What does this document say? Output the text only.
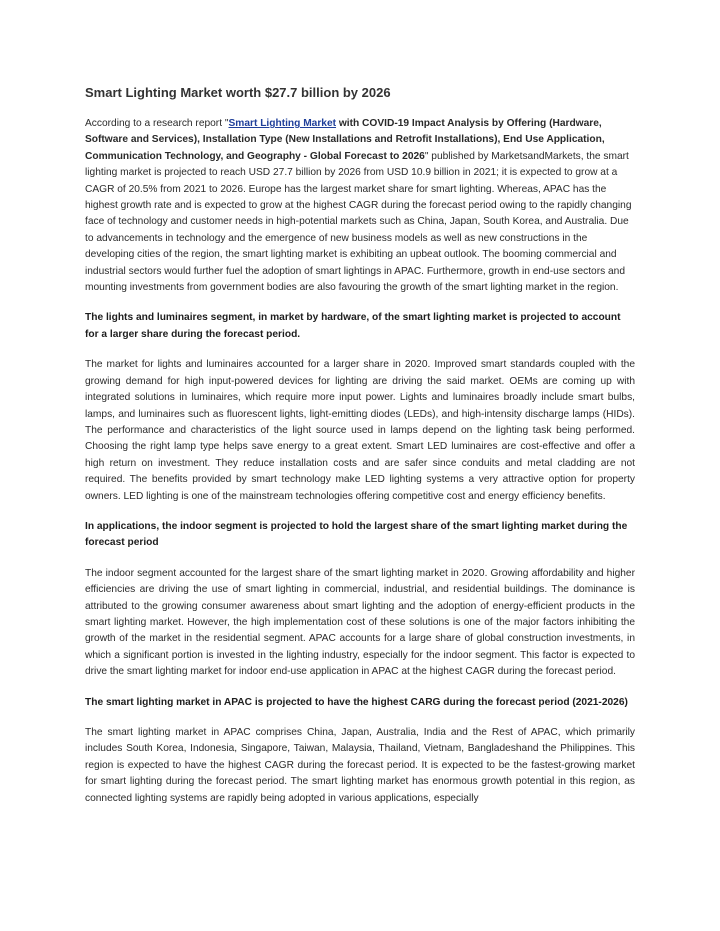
Smart Lighting Market worth $27.7 billion by 2026

According to a research report "Smart Lighting Market with COVID-19 Impact Analysis by Offering (Hardware, Software and Services), Installation Type (New Installations and Retrofit Installations), End Use Application, Communication Technology, and Geography - Global Forecast to 2026" published by MarketsandMarkets, the smart lighting market is projected to reach USD 27.7 billion by 2026 from USD 10.9 billion in 2021; it is expected to grow at a CAGR of 20.5% from 2021 to 2026. Europe has the largest market share for smart lighting. Whereas, APAC has the highest growth rate and is expected to grow at the highest CAGR during the forecast period owing to the rapidly changing face of technology and customer needs in high-potential markets such as China, Japan, South Korea, and Australia. Due to advancements in technology and the emergence of new business models as well as new constructions in the developing cities of the region, the smart lighting market is exhibiting an upbeat outlook. The booming commercial and industrial sectors would further fuel the adoption of smart lightings in APAC. Furthermore, growth in end-use sectors and mounting investments from government bodies are also favouring the growth of the smart lighting market in the region.

The lights and luminaires segment, in market by hardware, of the smart lighting market is projected to account for a larger share during the forecast period.

The market for lights and luminaires accounted for a larger share in 2020. Improved smart standards coupled with the growing demand for high input-powered devices for lighting are driving the said market. OEMs are coming up with integrated solutions in luminaires, which require more input power. Lights and luminaires broadly include smart bulbs, lamps, and luminaires such as fluorescent lights, light-emitting diodes (LEDs), and high-intensity discharge lamps (HIDs). The performance and characteristics of the light source used in lamps depend on the lighting task being performed. Choosing the right lamp type helps save energy to a great extent. Smart LED luminaires are cost-effective and offer a high return on investment. They reduce installation costs and are safer since conduits and metal cladding are not required. The benefits provided by smart technology make LED lighting systems a very attractive option for property owners. LED lighting is one of the mainstream technologies offering competitive cost and energy efficiency benefits.

In applications, the indoor segment is projected to hold the largest share of the smart lighting market during the forecast period

The indoor segment accounted for the largest share of the smart lighting market in 2020. Growing affordability and higher efficiencies are driving the use of smart lighting in commercial, industrial, and residential buildings. The dominance is attributed to the growing consumer awareness about smart lighting and the adoption of energy-efficient products in the smart lighting market. However, the high implementation cost of these solutions is one of the major factors inhibiting the growth of the market in the residential segment. APAC accounts for a large share of global construction investments, in which a significant portion is invested in the lighting industry, especially for the indoor segment. This factor is expected to drive the smart lighting market for indoor end-use application in APAC at the highest CAGR during the forecast period.

The smart lighting market in APAC is projected to have the highest CARG during the forecast period (2021-2026)

The smart lighting market in APAC comprises China, Japan, Australia, India and the Rest of APAC, which primarily includes South Korea, Indonesia, Singapore, Taiwan, Malaysia, Thailand, Vietnam, Bangladeshand the Philippines. This region is expected to have the highest CAGR during the forecast period. It is expected to be the fastest-growing market for smart lighting during the forecast period. The smart lighting market has enormous growth potential in this region, as connected lighting systems are rapidly being adopted in various applications, especially
